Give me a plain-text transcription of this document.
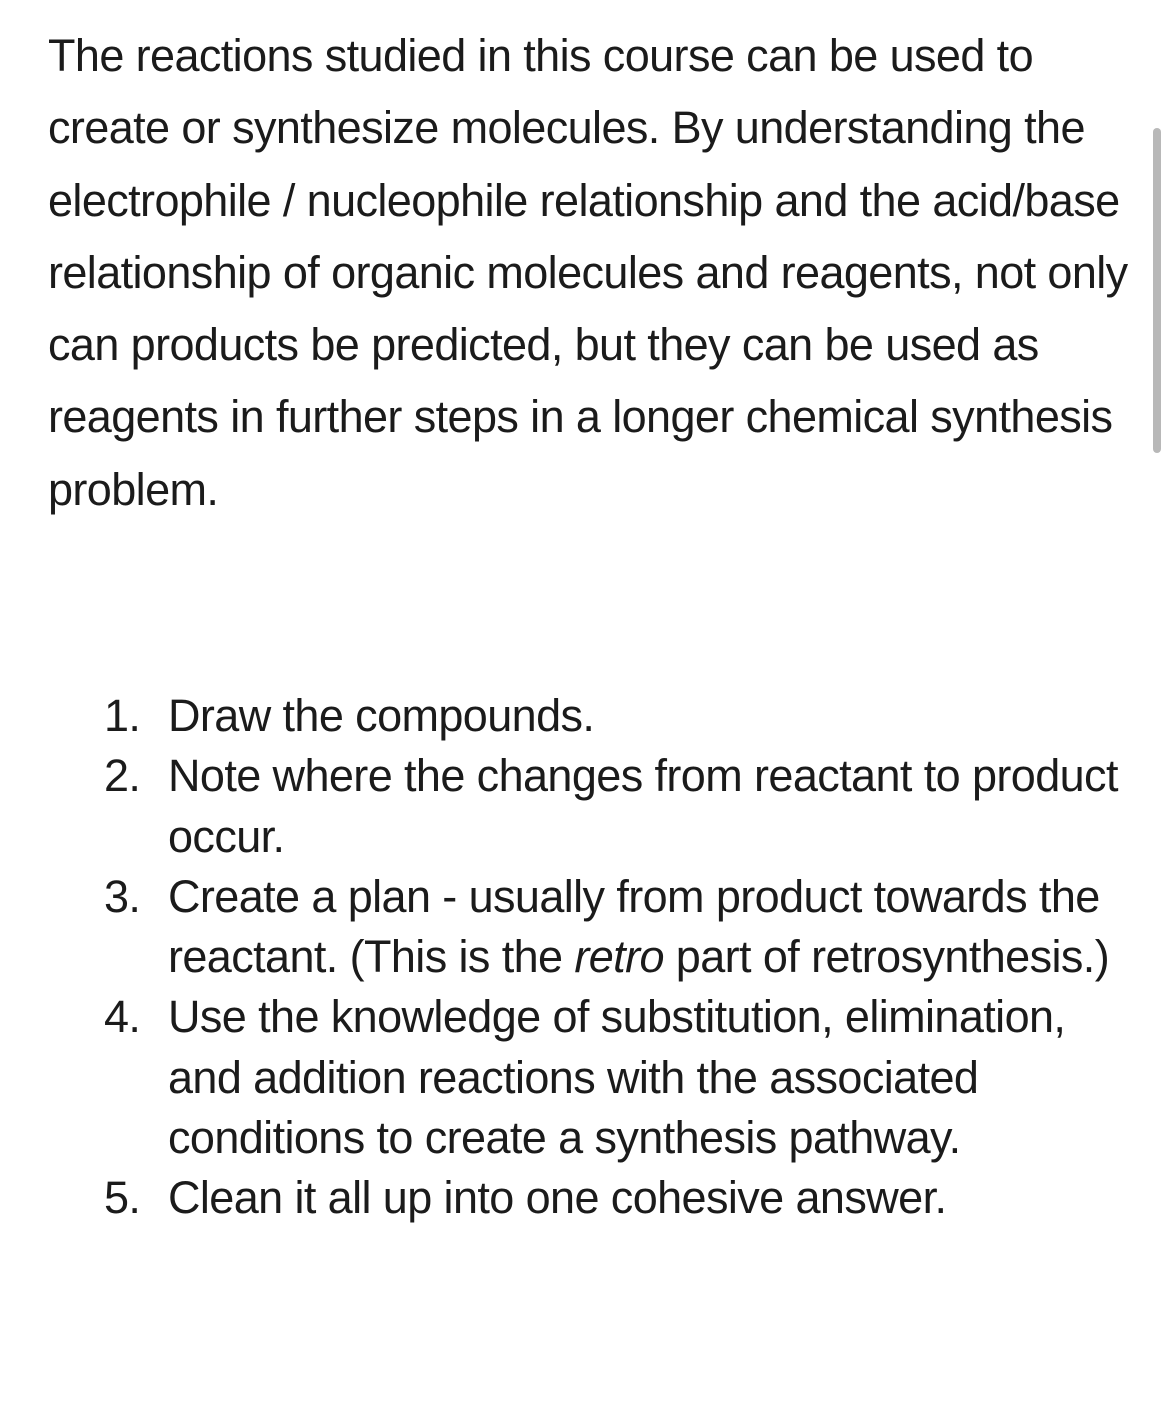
The reactions studied in this course can be used to create or synthesize molecules. By understanding the electrophile / nucleophile relationship and the acid/base relationship of organic molecules and reagents, not only can products be predicted, but they can be used as reagents in further steps in a longer chemical synthesis problem.

1. Draw the compounds.
2. Note where the changes from reactant to product occur.
3. Create a plan - usually from product towards the reactant. (This is the retro part of retrosynthesis.)
4. Use the knowledge of substitution, elimination, and addition reactions with the associated conditions to create a synthesis pathway.
5. Clean it all up into one cohesive answer.
